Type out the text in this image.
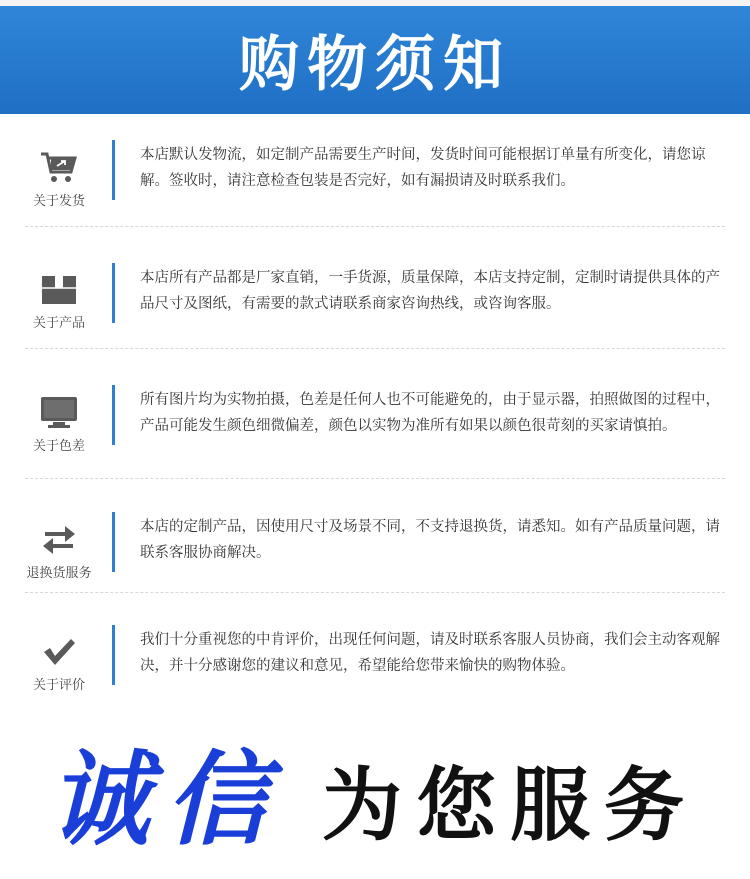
购物须知
关于发货
本店默认发物流，如定制产品需要生产时间，发货时间可能根据订单量有所变化，请您谅解。签收时，请注意检查包装是否完好，如有漏损请及时联系我们。
关于产品
本店所有产品都是厂家直销，一手货源，质量保障，本店支持定制，定制时请提供具体的产品尺寸及图纸，有需要的款式请联系商家咨询热线，或咨询客服。
关于色差
所有图片均为实物拍摄，色差是任何人也不可能避免的，由于显示器，拍照做图的过程中，产品可能发生颜色细微偏差，颜色以实物为准所有如果以颜色很苛刻的买家请慎拍。
退换货服务
本店的定制产品，因使用尺寸及场景不同，不支持退换货，请悉知。如有产品质量问题，请联系客服协商解决。
关于评价
我们十分重视您的中肯评价，出现任何问题，请及时联系客服人员协商，我们会主动客观解决，并十分感谢您的建议和意见，希望能给您带来愉快的购物体验。
诚信 为您服务
